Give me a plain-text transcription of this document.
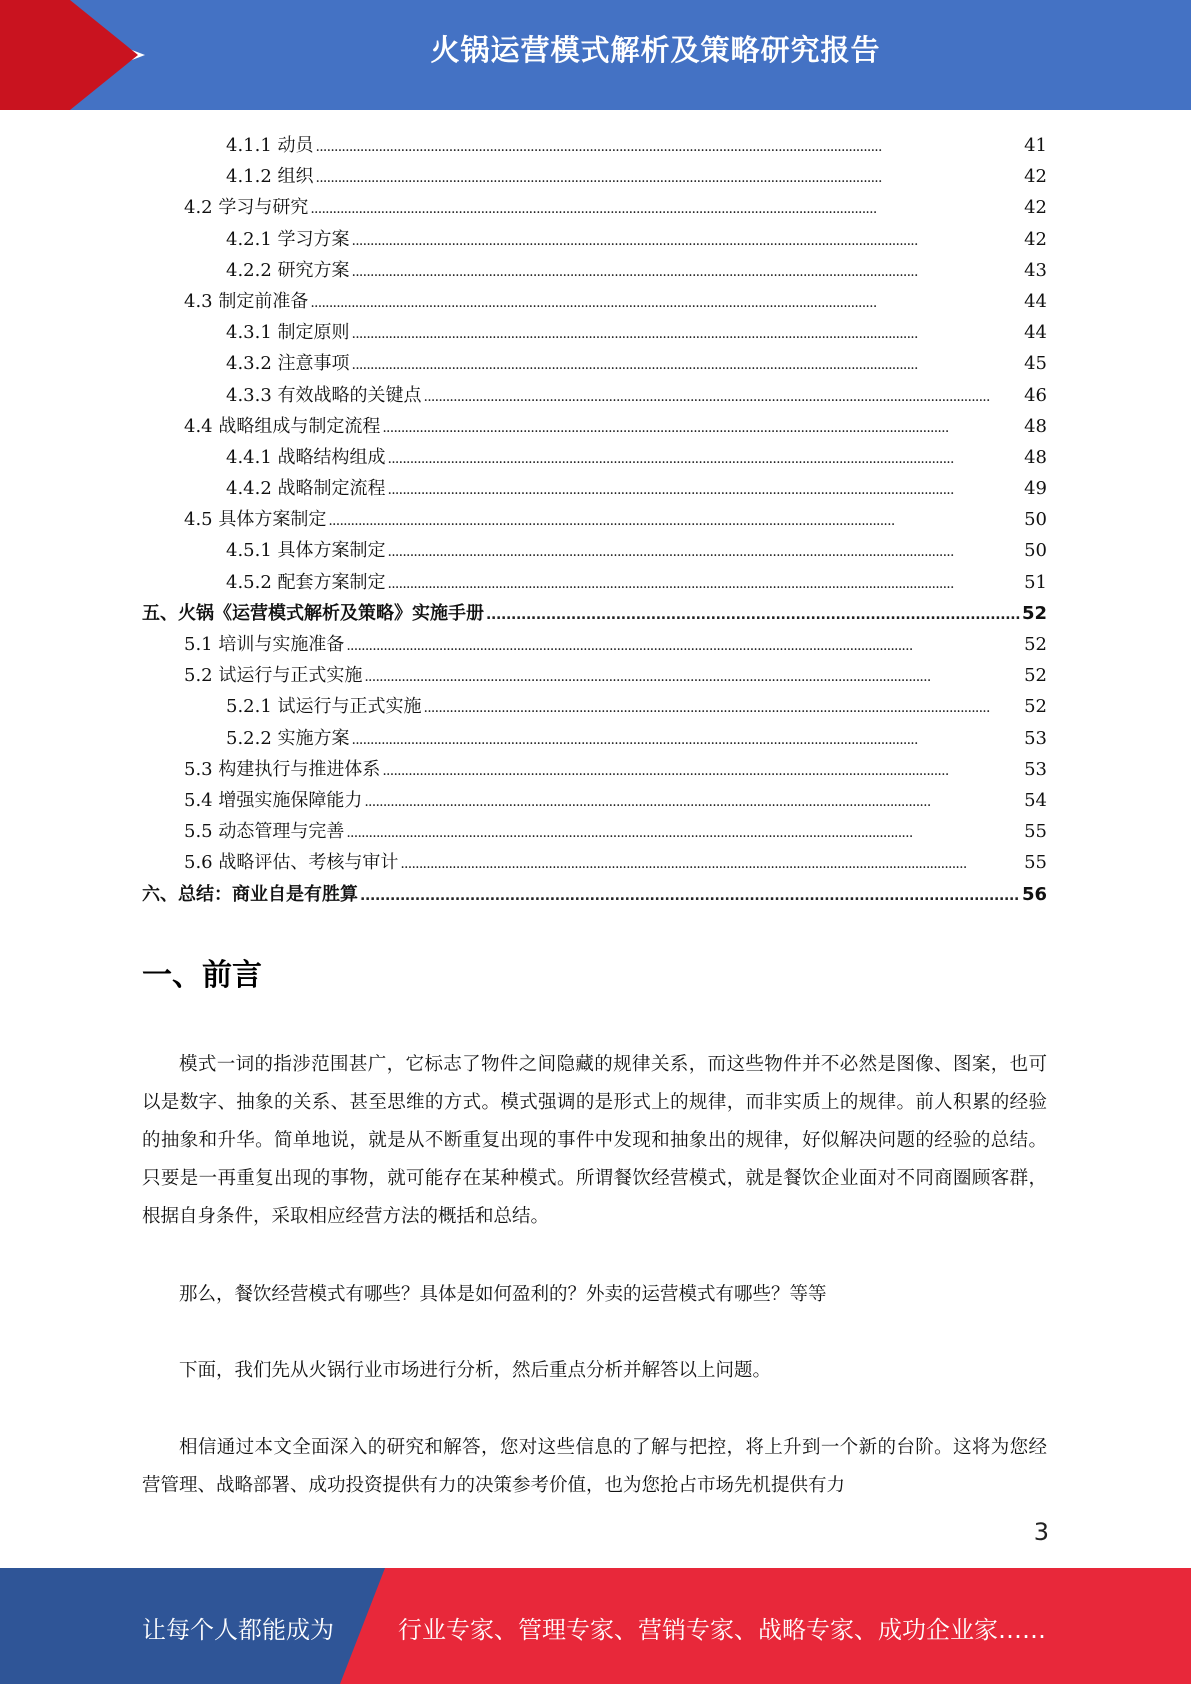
火锅运营模式解析及策略研究报告
4.1.1 动员 . . .	41
4.1.2 组织 . . .	42
4.2 学习与研究 . . .	42
4.2.1 学习方案 . . .	42
4.2.2 研究方案 . . .	43
4.3 制定前准备 . . .	44
4.3.1 制定原则 . . .	44
4.3.2 注意事项 . . .	45
4.3.3 有效战略的关键点 . . .	46
4.4 战略组成与制定流程 . . .	48
4.4.1 战略结构组成 . . .	48
4.4.2 战略制定流程 . . .	49
4.5 具体方案制定 . . .	50
4.5.1 具体方案制定 . . .	50
4.5.2 配套方案制定 . . .	51
五、火锅《运营模式解析及策略》实施手册 . . .	52
5.1 培训与实施准备 . . .	52
5.2 试运行与正式实施 . . .	52
5.2.1 试运行与正式实施 . . .	52
5.2.2 实施方案 . . .	53
5.3 构建执行与推进体系 . . .	53
5.4 增强实施保障能力 . . .	54
5.5 动态管理与完善 . . .	55
5.6 战略评估、考核与审计 . . .	55
六、总结：商业自是有胜算 . . .	56
一、前言

模式一词的指涉范围甚广，它标志了物件之间隐藏的规律关系，而这些物件并不必然是图像、图案，也可以是数字、抽象的关系、甚至思维的方式。模式强调的是形式上的规律，而非实质上的规律。前人积累的经验的抽象和升华。简单地说，就是从不断重复出现的事件中发现和抽象出的规律，好似解决问题的经验的总结。只要是一再重复出现的事物，就可能存在某种模式。所谓餐饮经营模式，就是餐饮企业面对不同商圈顾客群，根据自身条件，采取相应经营方法的概括和总结。

那么，餐饮经营模式有哪些？具体是如何盈利的？外卖的运营模式有哪些？等等

下面，我们先从火锅行业市场进行分析，然后重点分析并解答以上问题。

相信通过本文全面深入的研究和解答，您对这些信息的了解与把控，将上升到一个新的台阶。这将为您经营管理、战略部署、成功投资提供有力的决策参考价值，也为您抢占市场先机提供有力

3
让每个人都能成为	行业专家、管理专家、营销专家、战略专家、成功企业家……
